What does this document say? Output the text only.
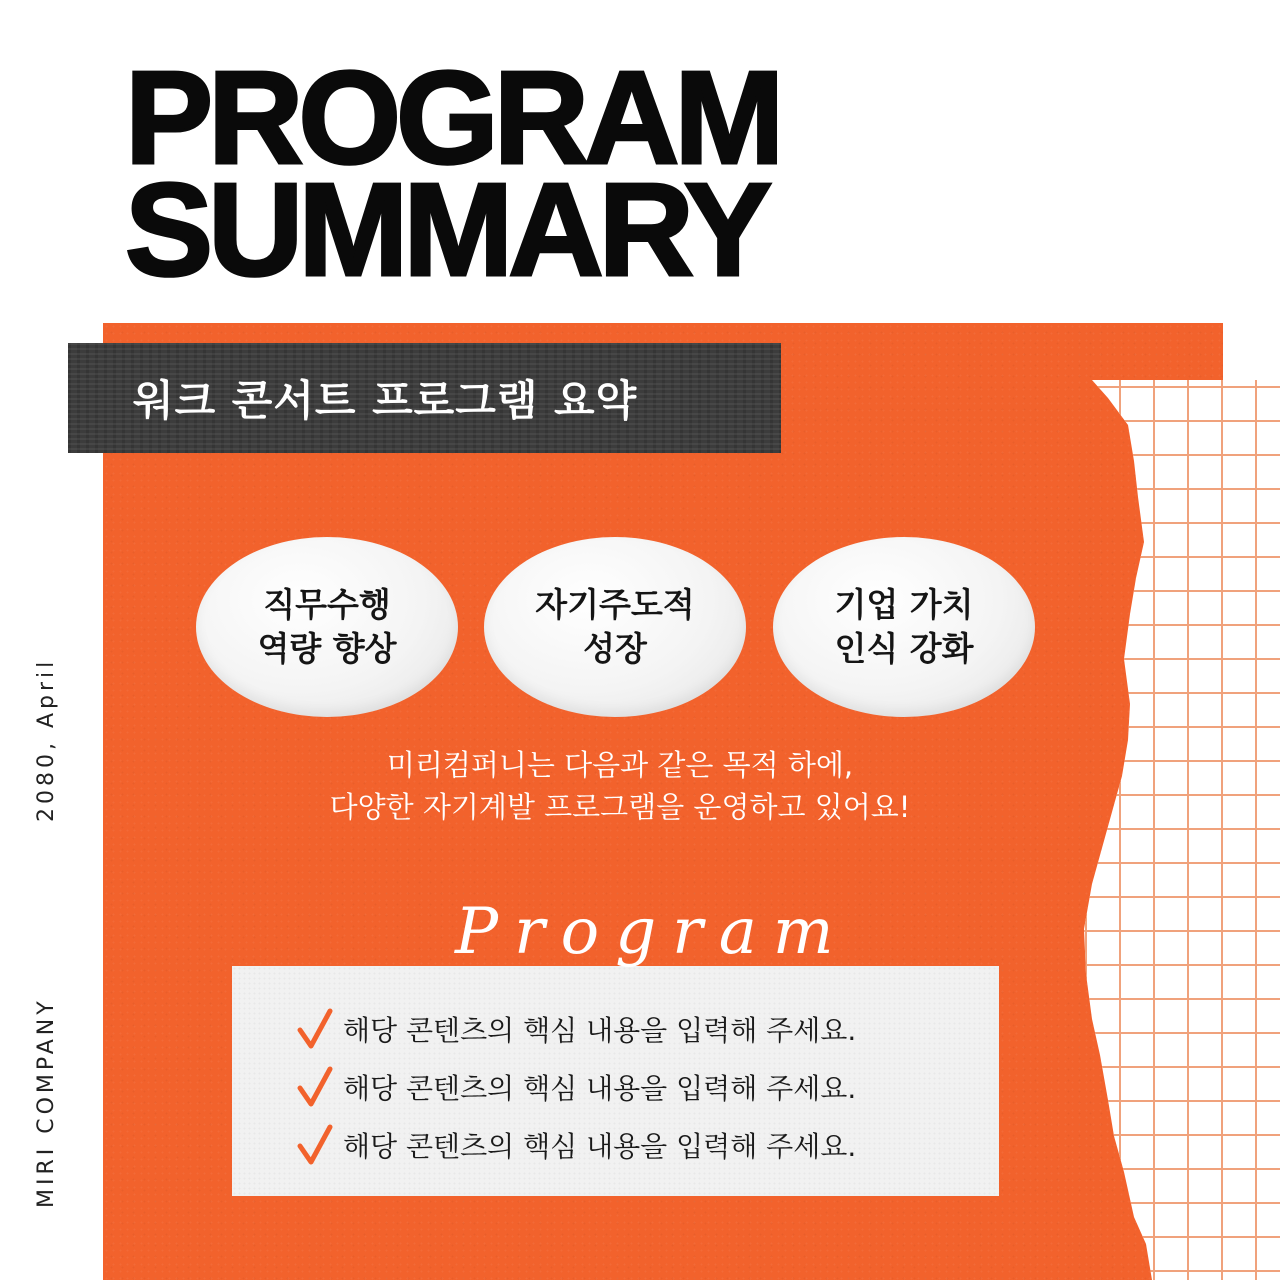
PROGRAM
SUMMARY
워크 콘서트 프로그램 요약
직무수행
역량 향상
자기주도적
성장
기업 가치
인식 강화
미리컴퍼니는 다음과 같은 목적 하에,
다양한 자기계발 프로그램을 운영하고 있어요!
Program
해당 콘텐츠의 핵심 내용을 입력해 주세요.
해당 콘텐츠의 핵심 내용을 입력해 주세요.
해당 콘텐츠의 핵심 내용을 입력해 주세요.
2080, April
MIRI COMPANY
